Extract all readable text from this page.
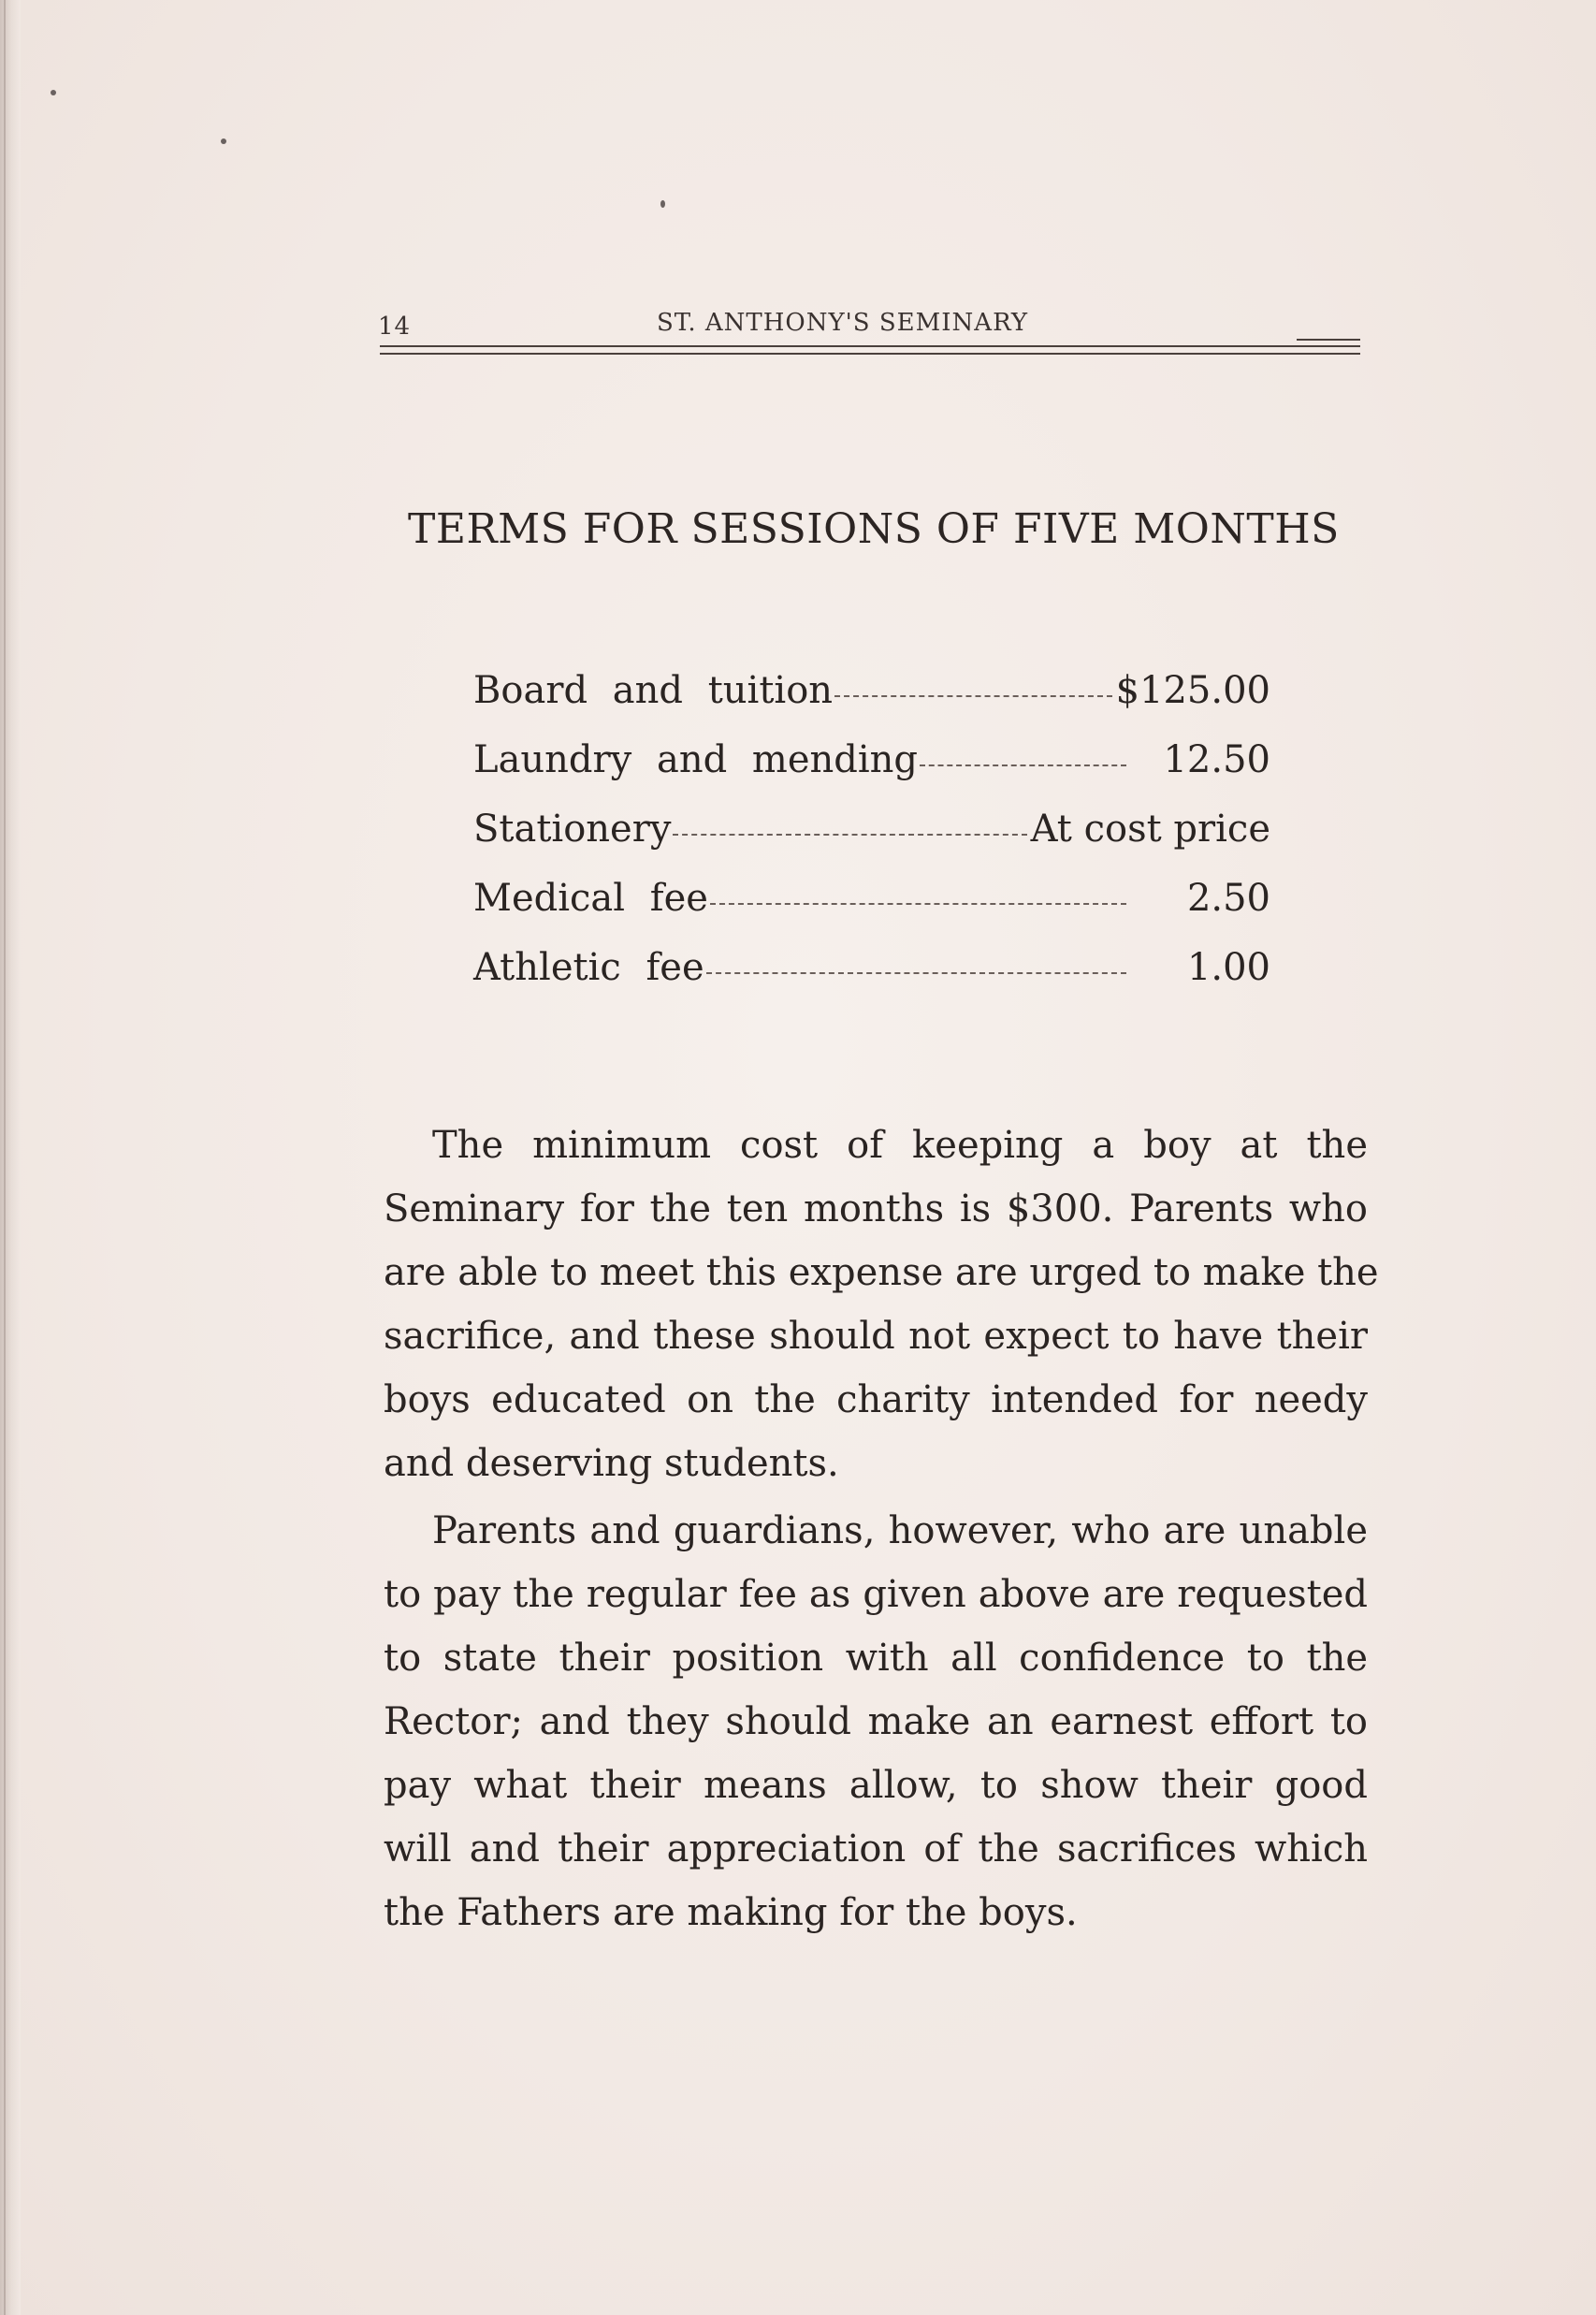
14	ST. ANTHONY'S SEMINARY
TERMS FOR SESSIONS OF FIVE MONTHS
Board and tuition	$125.00
Laundry and mending	12.50
Stationery	At cost price
Medical fee	2.50
Athletic fee	1.00
The minimum cost of keeping a boy at the
Seminary for the ten months is $300. Parents who
are able to meet this expense are urged to make the
sacrifice, and these should not expect to have their
boys educated on the charity intended for needy
and deserving students.
Parents and guardians, however, who are unable
to pay the regular fee as given above are requested
to state their position with all confidence to the
Rector; and they should make an earnest effort to
pay what their means allow, to show their good
will and their appreciation of the sacrifices which
the Fathers are making for the boys.
